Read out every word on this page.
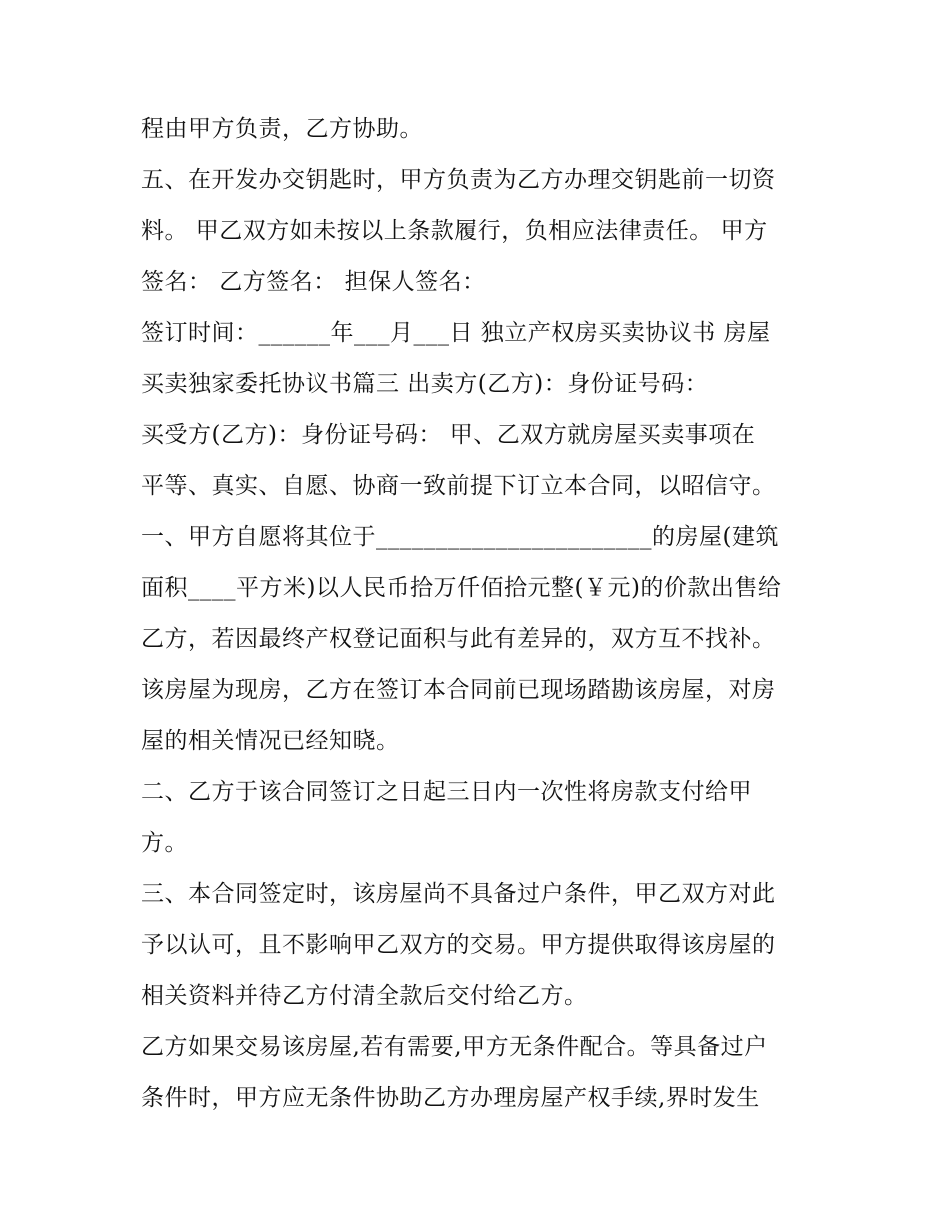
程由甲方负责，乙方协助。
五、在开发办交钥匙时，甲方负责为乙方办理交钥匙前一切资
料。 甲乙双方如未按以上条款履行，负相应法律责任。 甲方
签名： 乙方签名： 担保人签名：
签订时间：______年___月___日 独立产权房买卖协议书 房屋
买卖独家委托协议书篇三 出卖方(乙方)：身份证号码：
买受方(乙方)：身份证号码： 甲、乙双方就房屋买卖事项在
平等、真实、自愿、协商一致前提下订立本合同，以昭信守。
一、甲方自愿将其位于_______________________的房屋(建筑
面积____平方米)以人民币拾万仟佰拾元整(￥元)的价款出售给
乙方，若因最终产权登记面积与此有差异的，双方互不找补。
该房屋为现房，乙方在签订本合同前已现场踏勘该房屋，对房
屋的相关情况已经知晓。
二、乙方于该合同签订之日起三日内一次性将房款支付给甲
方。
三、本合同签定时，该房屋尚不具备过户条件，甲乙双方对此
予以认可，且不影响甲乙双方的交易。甲方提供取得该房屋的
相关资料并待乙方付清全款后交付给乙方。
乙方如果交易该房屋,若有需要,甲方无条件配合。等具备过户
条件时，甲方应无条件协助乙方办理房屋产权手续,界时发生
